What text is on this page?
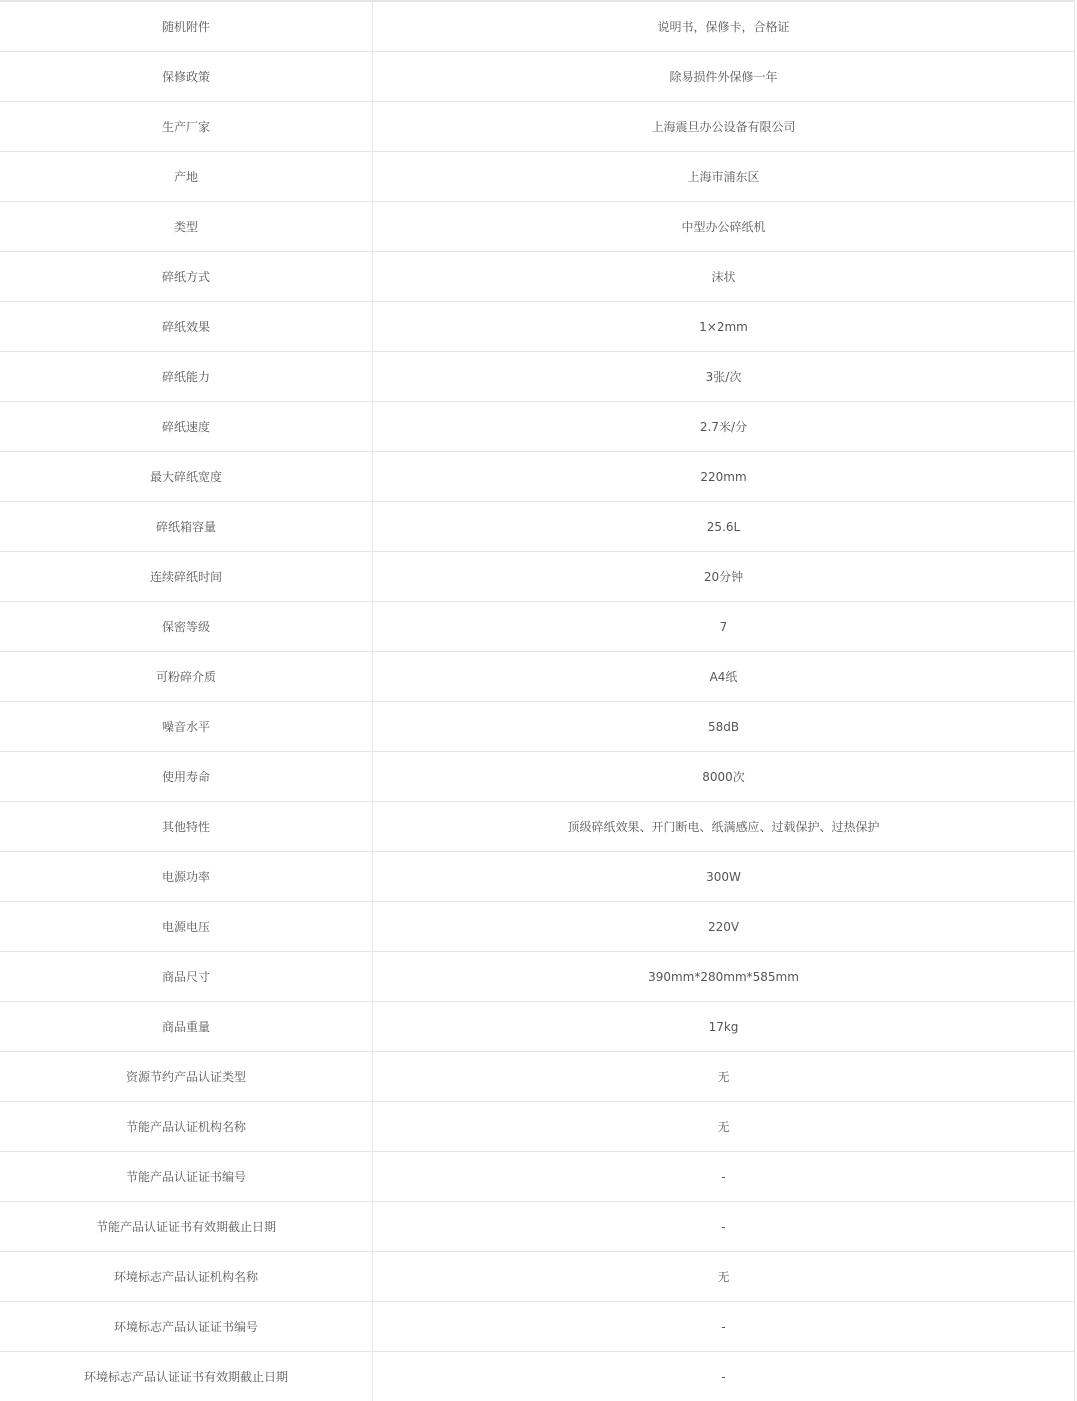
随机附件	说明书，保修卡，合格证
保修政策	除易损件外保修一年
生产厂家	上海震旦办公设备有限公司
产地	上海市浦东区
类型	中型办公碎纸机
碎纸方式	沫状
碎纸效果	1×2mm
碎纸能力	3张/次
碎纸速度	2.7米/分
最大碎纸宽度	220mm
碎纸箱容量	25.6L
连续碎纸时间	20分钟
保密等级	7
可粉碎介质	A4纸
噪音水平	58dB
使用寿命	8000次
其他特性	顶级碎纸效果、开门断电、纸满感应、过载保护、过热保护
电源功率	300W
电源电压	220V
商品尺寸	390mm*280mm*585mm
商品重量	17kg
资源节约产品认证类型	无
节能产品认证机构名称	无
节能产品认证证书编号	-
节能产品认证证书有效期截止日期	-
环境标志产品认证机构名称	无
环境标志产品认证证书编号	-
环境标志产品认证证书有效期截止日期	-
